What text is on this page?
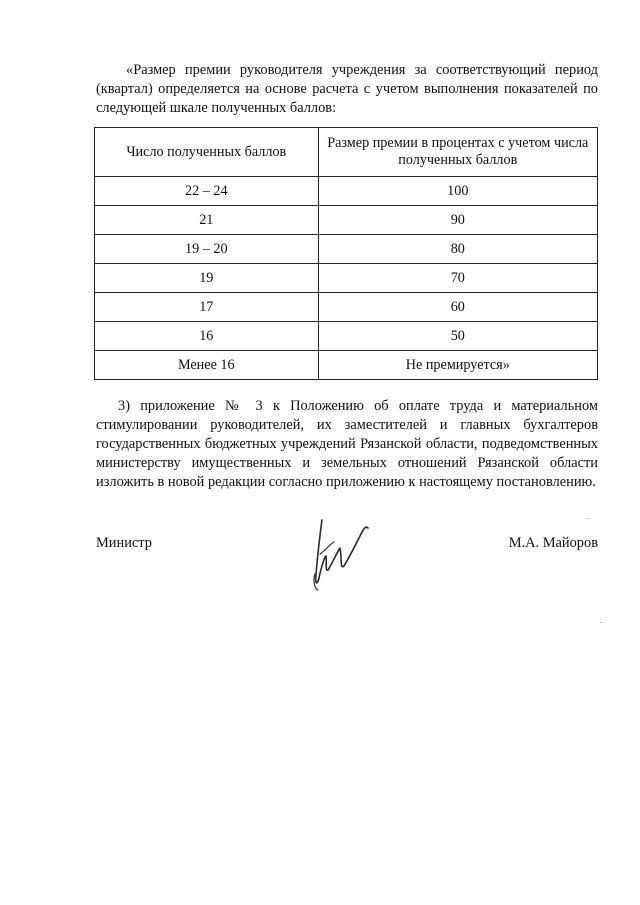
«Размер премии руководителя учреждения за соответствующий период (квартал) определяется на основе расчета с учетом выполнения показателей по следующей шкале полученных баллов:

Число полученных баллов	Размер премии в процентах с учетом числа полученных баллов
22 – 24	100
21	90
19 – 20	80
19	70
17	60
16	50
Менее 16	Не премируется»

3) приложение № 3 к Положению об оплате труда и материальном стимулировании руководителей, их заместителей и главных бухгалтеров государственных бюджетных учреждений Рязанской области, подведомственных министерству имущественных и земельных отношений Рязанской области изложить в новой редакции согласно приложению к настоящему постановлению.

Министр	М.А. Майоров
